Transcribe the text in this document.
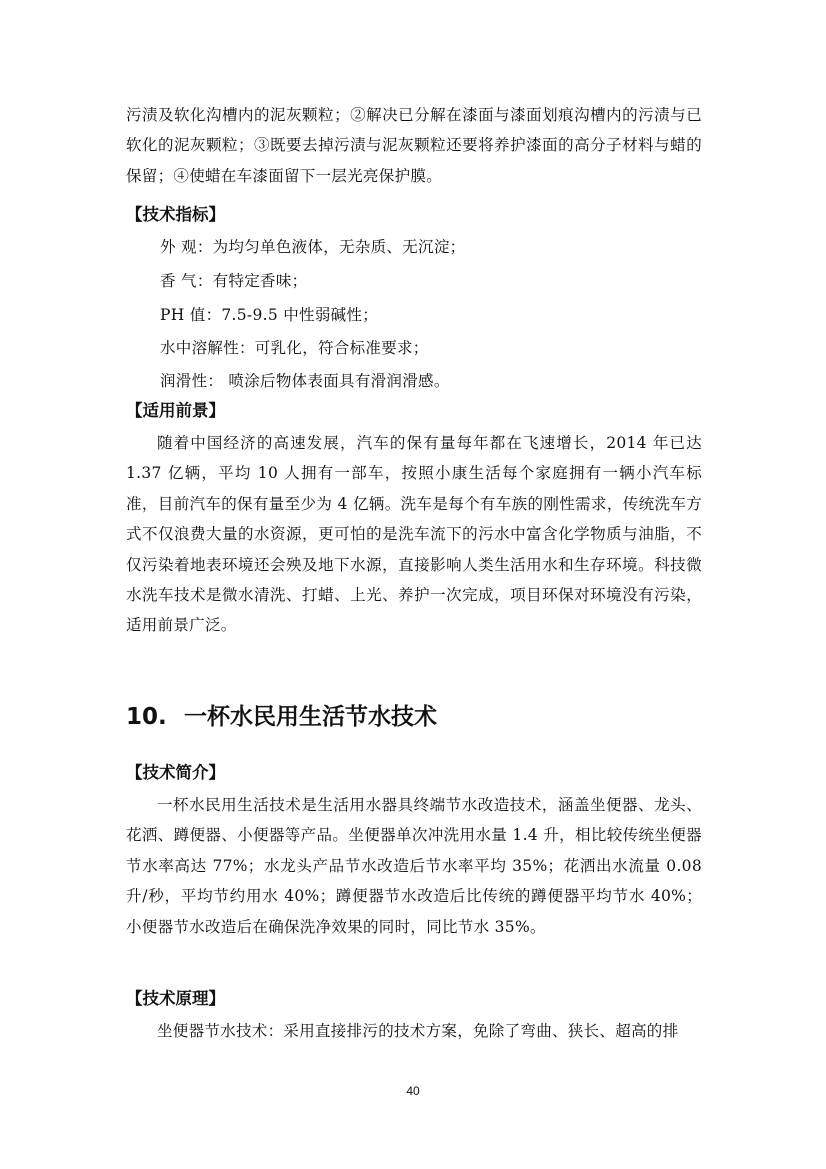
污渍及软化沟槽内的泥灰颗粒；②解决已分解在漆面与漆面划痕沟槽内的污渍与已软化的泥灰颗粒；③既要去掉污渍与泥灰颗粒还要将养护漆面的高分子材料与蜡的保留；④使蜡在车漆面留下一层光亮保护膜。

【技术指标】

外 观：为均匀单色液体，无杂质、无沉淀；

香 气：有特定香味；

PH 值：7.5-9.5 中性弱碱性；

水中溶解性：可乳化，符合标准要求；

润滑性： 喷涂后物体表面具有滑润滑感。

【适用前景】

随着中国经济的高速发展，汽车的保有量每年都在飞速增长，2014 年已达 1.37 亿辆，平均 10 人拥有一部车，按照小康生活每个家庭拥有一辆小汽车标准，目前汽车的保有量至少为 4 亿辆。洗车是每个有车族的刚性需求，传统洗车方式不仅浪费大量的水资源，更可怕的是洗车流下的污水中富含化学物质与油脂，不仅污染着地表环境还会殃及地下水源，直接影响人类生活用水和生存环境。科技微水洗车技术是微水清洗、打蜡、上光、养护一次完成，项目环保对环境没有污染，适用前景广泛。

10. 一杯水民用生活节水技术
【技术简介】

一杯水民用生活技术是生活用水器具终端节水改造技术，涵盖坐便器、龙头、花洒、蹲便器、小便器等产品。坐便器单次冲洗用水量 1.4 升，相比较传统坐便器节水率高达 77%；水龙头产品节水改造后节水率平均 35%；花洒出水流量 0.08 升/秒，平均节约用水 40%；蹲便器节水改造后比传统的蹲便器平均节水 40%；小便器节水改造后在确保洗净效果的同时，同比节水 35%。

【技术原理】

坐便器节水技术：采用直接排污的技术方案，免除了弯曲、狭长、超高的排

40
